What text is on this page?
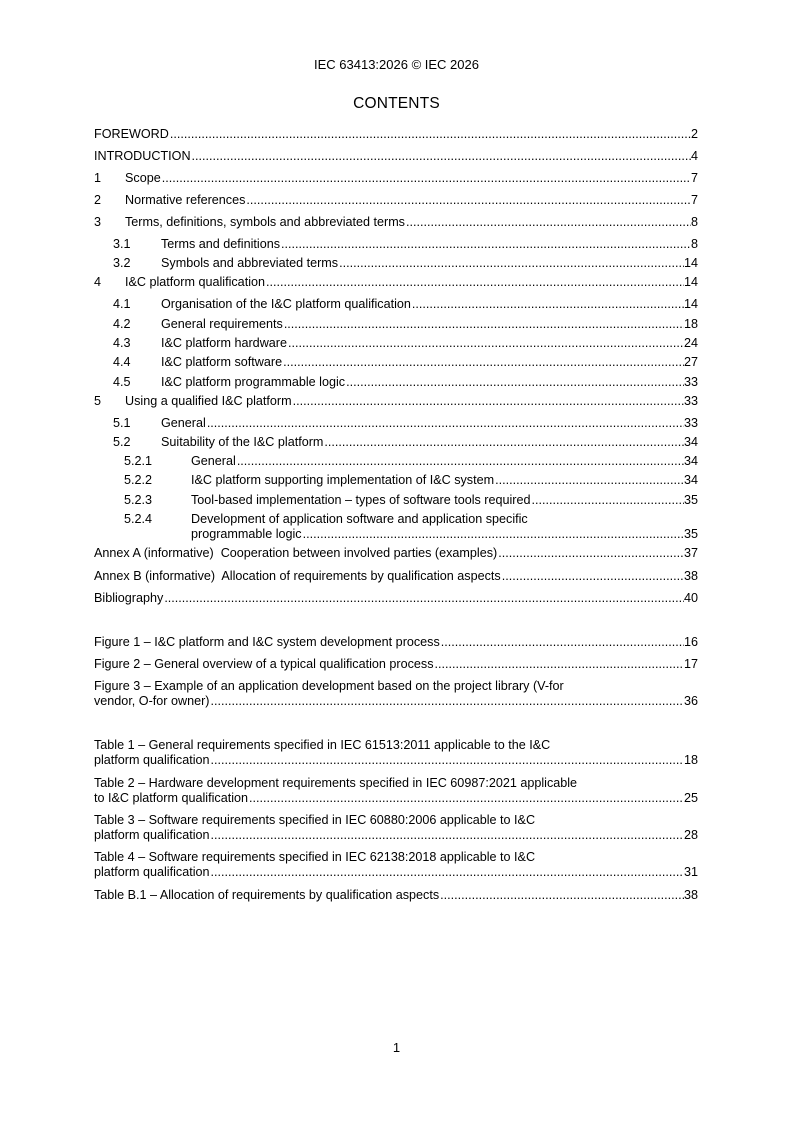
IEC 63413:2026 © IEC 2026
CONTENTS
FOREWORD .....	2
INTRODUCTION .....	4
1	Scope .....	7
2	Normative references .....	7
3	Terms, definitions, symbols and abbreviated terms .....	8
3.1	Terms and definitions .....	8
3.2	Symbols and abbreviated terms .....	14
4	I&C platform qualification .....	14
4.1	Organisation of the I&C platform qualification .....	14
4.2	General requirements .....	18
4.3	I&C platform hardware .....	24
4.4	I&C platform software .....	27
4.5	I&C platform programmable logic .....	33
5	Using a qualified I&C platform .....	33
5.1	General .....	33
5.2	Suitability of the I&C platform .....	34
5.2.1	General .....	34
5.2.2	I&C platform supporting implementation of I&C system .....	34
5.2.3	Tool-based implementation – types of software tools required .....	35
5.2.4	Development of application software and application specific
programmable logic .....	35
Annex A (informative)  Cooperation between involved parties (examples) .....	37
Annex B (informative)  Allocation of requirements by qualification aspects .....	38
Bibliography .....	40
Figure 1 – I&C platform and I&C system development process .....	16
Figure 2 – General overview of a typical qualification process .....	17
Figure 3 – Example of an application development based on the project library (V-for
vendor, O-for owner) .....	36
Table 1 – General requirements specified in IEC 61513:2011 applicable to the I&C
platform qualification .....	18
Table 2 – Hardware development requirements specified in IEC 60987:2021 applicable
to I&C platform qualification .....	25
Table 3 – Software requirements specified in IEC 60880:2006 applicable to I&C
platform qualification .....	28
Table 4 – Software requirements specified in IEC 62138:2018 applicable to I&C
platform qualification .....	31
Table B.1 – Allocation of requirements by qualification aspects .....	38
1
